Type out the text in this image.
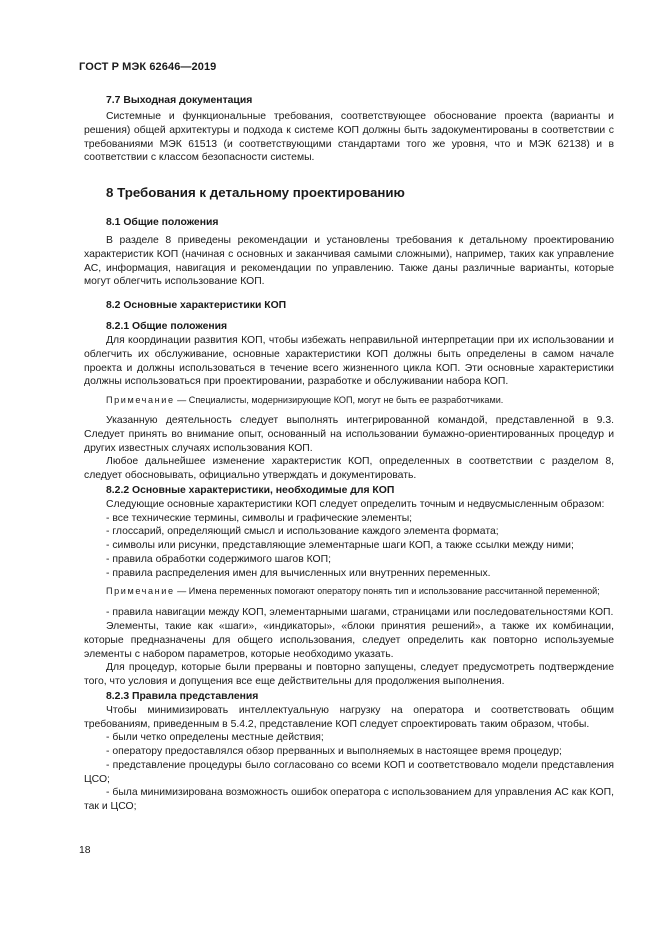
ГОСТ Р МЭК 62646—2019
7.7 Выходная документация

Системные и функциональные требования, соответствующее обоснование проекта (варианты и решения) общей архитектуры и подхода к системе КОП должны быть задокументированы в соответствии с требованиями МЭК 61513 (и соответствующими стандартами того же уровня, что и МЭК 62138) и в соответствии с классом безопасности системы.

8 Требования к детальному проектированию
8.1 Общие положения

В разделе 8 приведены рекомендации и установлены требования к детальному проектированию характеристик КОП (начиная с основных и заканчивая самыми сложными), например, таких как управление АС, информация, навигация и рекомендации по управлению. Также даны различные варианты, которые могут облегчить использование КОП.

8.2 Основные характеристики КОП
8.2.1 Общие положения

Для координации развития КОП, чтобы избежать неправильной интерпретации при их использовании и облегчить их обслуживание, основные характеристики КОП должны быть определены в самом начале проекта и должны использоваться в течение всего жизненного цикла КОП. Эти основные характеристики должны использоваться при проектировании, разработке и обслуживании набора КОП.

Примечание — Специалисты, модернизирующие КОП, могут не быть ее разработчиками.

Указанную деятельность следует выполнять интегрированной командой, представленной в 9.3. Следует принять во внимание опыт, основанный на использовании бумажно-ориентированных процедур и других известных случаях использования КОП.

Любое дальнейшее изменение характеристик КОП, определенных в соответствии с разделом 8, следует обосновывать, официально утверждать и документировать.

8.2.2 Основные характеристики, необходимые для КОП

Следующие основные характеристики КОП следует определить точным и недвусмысленным образом:

- все технические термины, символы и графические элементы;

- глоссарий, определяющий смысл и использование каждого элемента формата;

- символы или рисунки, представляющие элементарные шаги КОП, а также ссылки между ними;

- правила обработки содержимого шагов КОП;

- правила распределения имен для вычисленных или внутренних переменных.

Примечание — Имена переменных помогают оператору понять тип и использование рассчитанной переменной;

- правила навигации между КОП, элементарными шагами, страницами или последовательностями КОП.

Элементы, такие как «шаги», «индикаторы», «блоки принятия решений», а также их комбинации, которые предназначены для общего использования, следует определить как повторно используемые элементы с набором параметров, которые необходимо указать.

Для процедур, которые были прерваны и повторно запущены, следует предусмотреть подтверждение того, что условия и допущения все еще действительны для продолжения выполнения.

8.2.3 Правила представления

Чтобы минимизировать интеллектуальную нагрузку на оператора и соответствовать общим требованиям, приведенным в 5.4.2, представление КОП следует спроектировать таким образом, чтобы.

- были четко определены местные действия;

- оператору предоставлялся обзор прерванных и выполняемых в настоящее время процедур;

- представление процедуры было согласовано со всеми КОП и соответствовало модели представления ЦСО;

- была минимизирована возможность ошибок оператора с использованием для управления АС как КОП, так и ЦСО;

18
